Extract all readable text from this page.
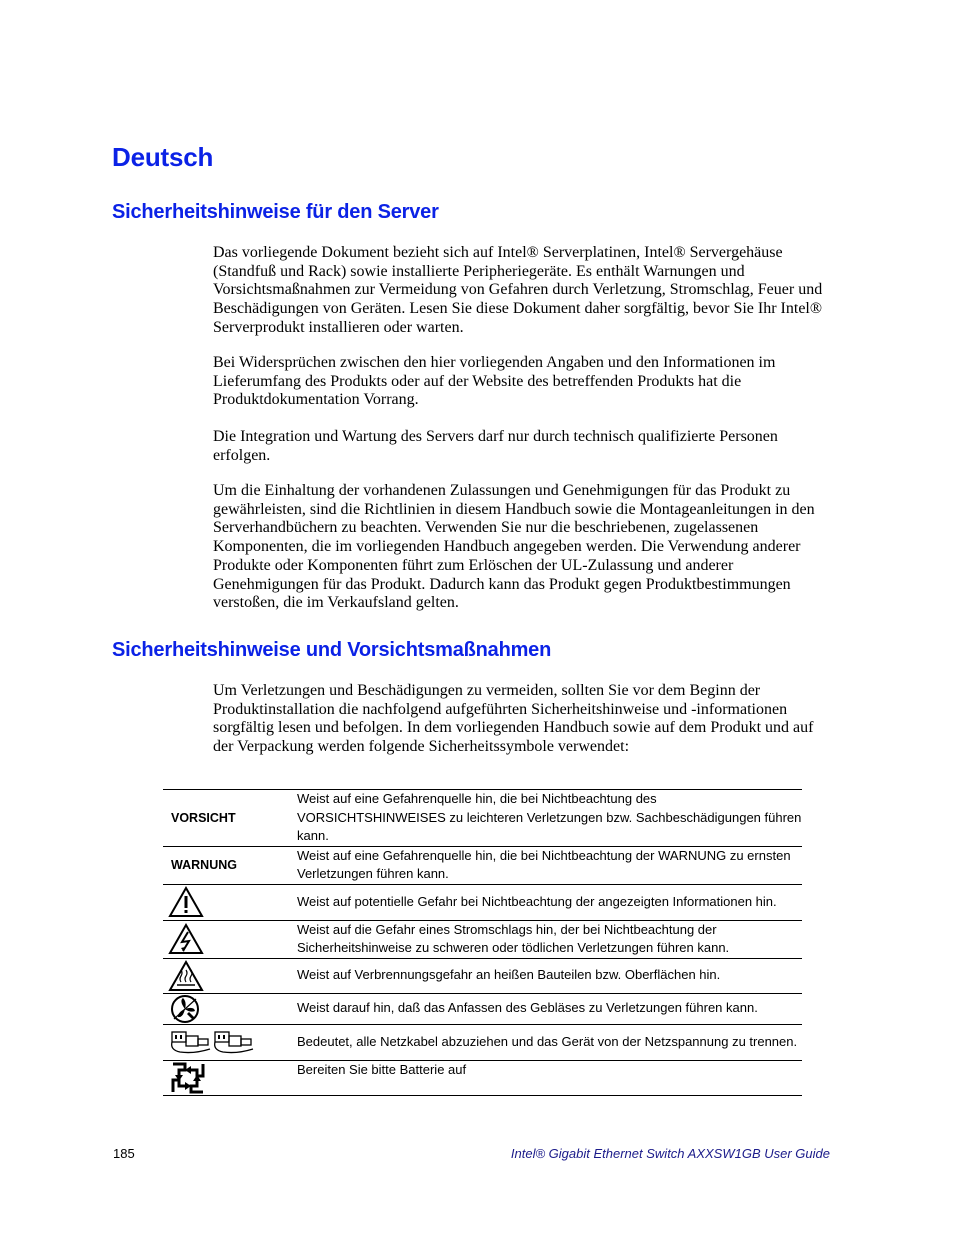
Deutsch
Sicherheitshinweise für den Server

Das vorliegende Dokument bezieht sich auf Intel® Serverplatinen, Intel® Servergehäuse (Standfuß und Rack) sowie installierte Peripheriegeräte. Es enthält Warnungen und Vorsichtsmaßnahmen zur Vermeidung von Gefahren durch Verletzung, Stromschlag, Feuer und Beschädigungen von Geräten. Lesen Sie diese Dokument daher sorgfältig, bevor Sie Ihr Intel® Serverprodukt installieren oder warten.

Bei Widersprüchen zwischen den hier vorliegenden Angaben und den Informationen im Lieferumfang des Produkts oder auf der Website des betreffenden Produkts hat die Produktdokumentation Vorrang.

Die Integration und Wartung des Servers darf nur durch technisch qualifizierte Personen erfolgen.

Um die Einhaltung der vorhandenen Zulassungen und Genehmigungen für das Produkt zu gewährleisten, sind die Richtlinien in diesem Handbuch sowie die Montageanleitungen in den Serverhandbüchern zu beachten. Verwenden Sie nur die beschriebenen, zugelassenen Komponenten, die im vorliegenden Handbuch angegeben werden. Die Verwendung anderer Produkte oder Komponenten führt zum Erlöschen der UL-Zulassung und anderer Genehmigungen für das Produkt. Dadurch kann das Produkt gegen Produktbestimmungen verstoßen, die im Verkaufsland gelten.

Sicherheitshinweise und Vorsichtsmaßnahmen

Um Verletzungen und Beschädigungen zu vermeiden, sollten Sie vor dem Beginn der Produktinstallation die nachfolgend aufgeführten Sicherheitshinweise und -informationen sorgfältig lesen und befolgen. In dem vorliegenden Handbuch sowie auf dem Produkt und auf der Verpackung werden folgende Sicherheitssymbole verwendet:

VORSICHT	Weist auf eine Gefahrenquelle hin, die bei Nichtbeachtung des VORSICHTSHINWEISES zu leichteren Verletzungen bzw. Sachbeschädigungen führen kann.
WARNUNG	Weist auf eine Gefahrenquelle hin, die bei Nichtbeachtung der WARNUNG zu ernsten Verletzungen führen kann.

	Weist auf potentielle Gefahr bei Nichtbeachtung der angezeigten Informationen hin.

	Weist auf die Gefahr eines Stromschlags hin, der bei Nichtbeachtung der Sicherheitshinweise zu schweren oder tödlichen Verletzungen führen kann.

	Weist auf Verbrennungsgefahr an heißen Bauteilen bzw. Oberflächen hin.

	Weist darauf hin, daß das Anfassen des Gebläses zu Verletzungen führen kann.

	Bedeutet, alle Netzkabel abzuziehen und das Gerät von der Netzspannung zu trennen.

	Bereiten Sie bitte Batterie auf
185	Intel® Gigabit Ethernet Switch AXXSW1GB User Guide
